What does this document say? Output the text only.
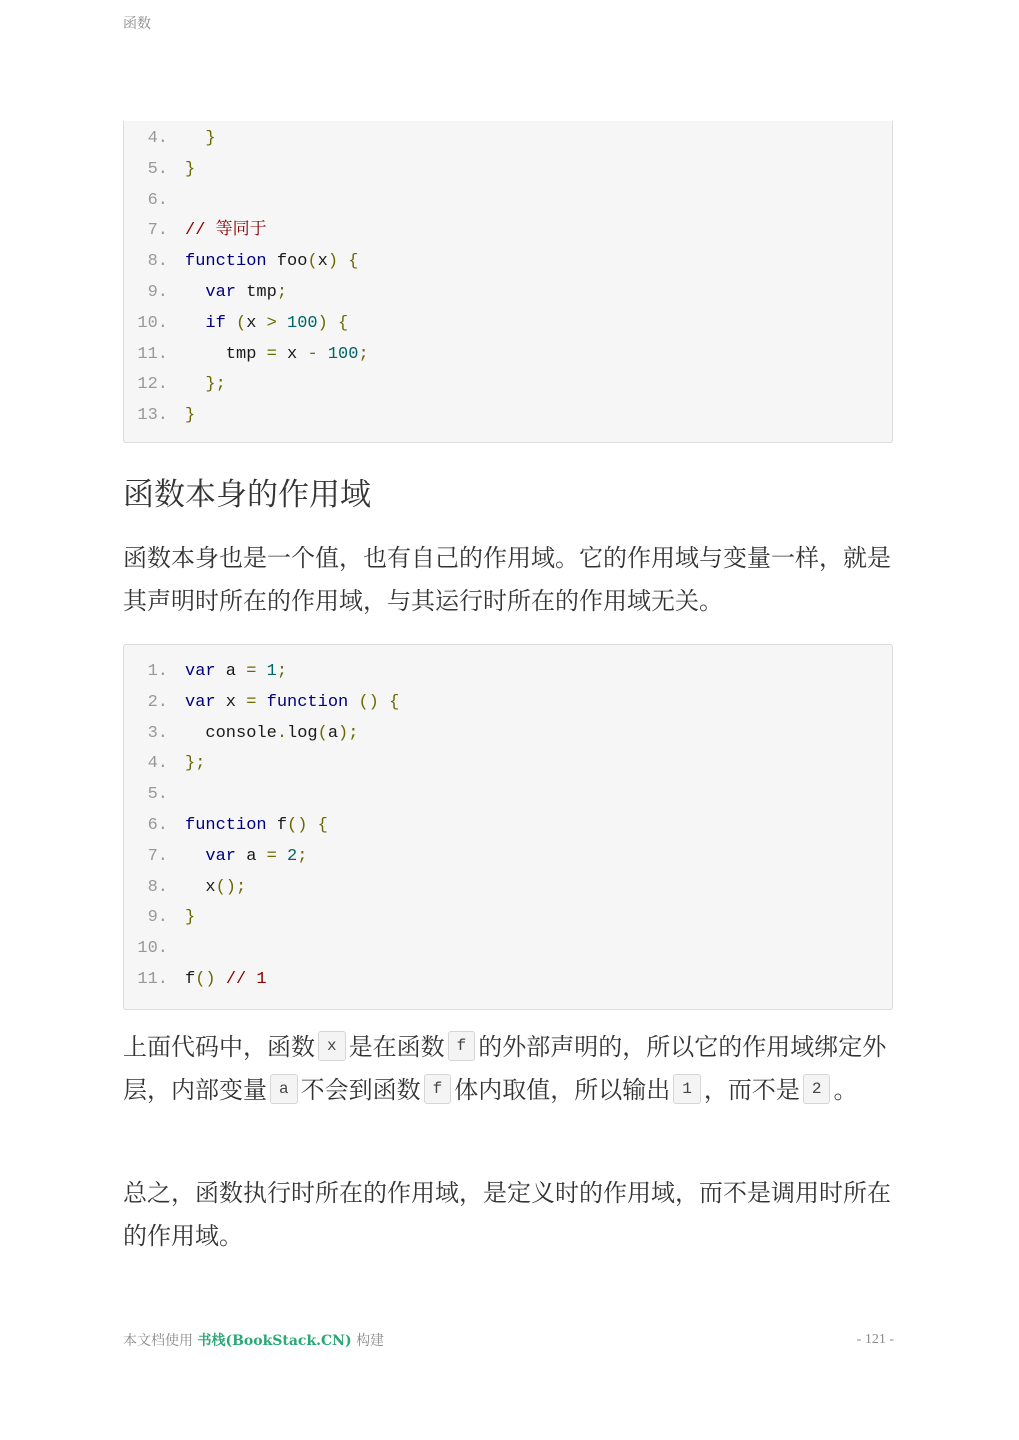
函数
4.	}
5. }
6.
7. // 等同于
8. function foo(x) {
9.	var tmp;
10.	if (x > 100) {
11. tmp = x - 100;
12.	};
13. }
函数本身的作用域

函数本身也是一个值，也有自己的作用域。它的作用域与变量一样，就是其声明时所在的作用域，与其运行时所在的作用域无关。

1. var a = 1;
2. var x = function () {
3. console.log(a);
4. };
5.
6. function f() {
7.	var a = 2;
8. x();
9. }
10.
11. f() // 1

上面代码中，函数 x 是在函数 f 的外部声明的，所以它的作用域绑定外层，内部变量 a 不会到函数 f 体内取值，所以输出 1 ，而不是 2 。

总之，函数执行时所在的作用域，是定义时的作用域，而不是调用时所在的作用域。

本文档使用 书栈(BookStack.CN) 构建	- 121 -
